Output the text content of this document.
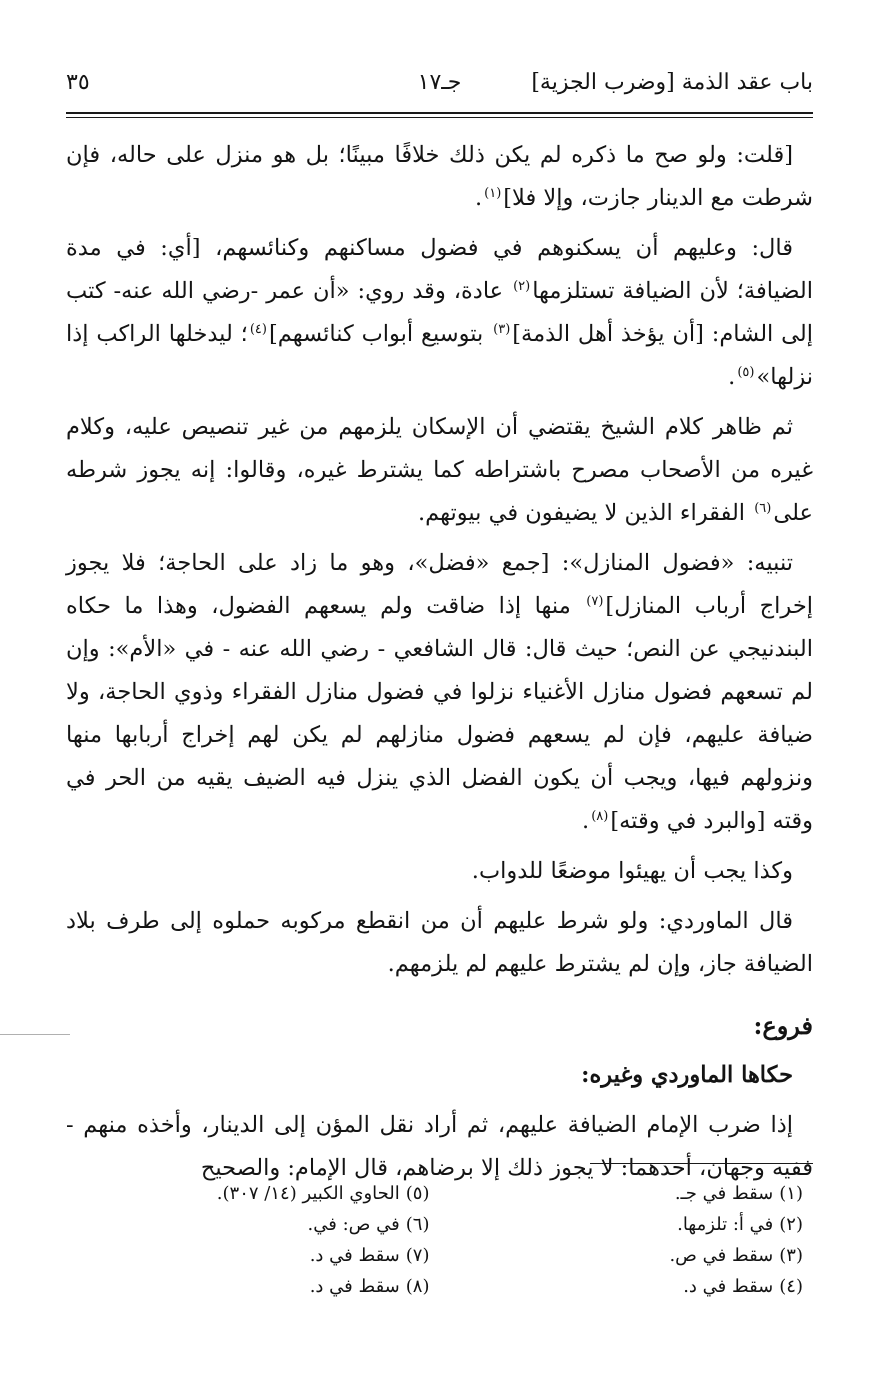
باب عقد الذمة [وضرب الجزية]
جـ١٧
٣٥

[قلت: ولو صح ما ذكره لم يكن ذلك خلافًا مبينًا؛ بل هو منزل على حاله، فإن شرطت مع الدينار جازت، وإلا فلا]$^{(١)}$.

قال: وعليهم أن يسكنوهم في فضول مساكنهم وكنائسهم، [أي: في مدة الضيافة؛ لأن الضيافة تستلزمها$^{(٢)}$ عادة، وقد روي: «أن عمر -رضي الله عنه- كتب إلى الشام: [أن يؤخذ أهل الذمة]$^{(٣)}$ بتوسيع أبواب كنائسهم]$^{(٤)}$؛ ليدخلها الراكب إذا نزلها»$^{(٥)}$.

ثم ظاهر كلام الشيخ يقتضي أن الإسكان يلزمهم من غير تنصيص عليه، وكلام غيره من الأصحاب مصرح باشتراطه كما يشترط غيره، وقالوا: إنه يجوز شرطه على$^{(٦)}$ الفقراء الذين لا يضيفون في بيوتهم.

تنبيه: «فضول المنازل»: [جمع «فضل»، وهو ما زاد على الحاجة؛ فلا يجوز إخراج أرباب المنازل]$^{(٧)}$ منها إذا ضاقت ولم يسعهم الفضول، وهذا ما حكاه البندنيجي عن النص؛ حيث قال: قال الشافعي - رضي الله عنه - في «الأم»: وإن لم تسعهم فضول منازل الأغنياء نزلوا في فضول منازل الفقراء وذوي الحاجة، ولا ضيافة عليهم، فإن لم يسعهم فضول منازلهم لم يكن لهم إخراج أربابها منها ونزولهم فيها، ويجب أن يكون الفضل الذي ينزل فيه الضيف يقيه من الحر في وقته [والبرد في وقته]$^{(٨)}$.

وكذا يجب أن يهيئوا موضعًا للدواب.

قال الماوردي: ولو شرط عليهم أن من انقطع مركوبه حملوه إلى طرف بلاد الضيافة جاز، وإن لم يشترط عليهم لم يلزمهم.

فروع:

حكاها الماوردي وغيره:

إذا ضرب الإمام الضيافة عليهم، ثم أراد نقل المؤن إلى الدينار، وأخذه منهم - ففيه وجهان، أحدهما: لا يجوز ذلك إلا برضاهم، قال الإمام: والصحيح

(١)سقط في جـ.
(٢)في أ: تلزمها.
(٣)سقط في ص.
(٤)سقط في د.
(٥)الحاوي الكبير (١٤/ ٣٠٧).
(٦)في ص: في.
(٧)سقط في د.
(٨)سقط في د.
